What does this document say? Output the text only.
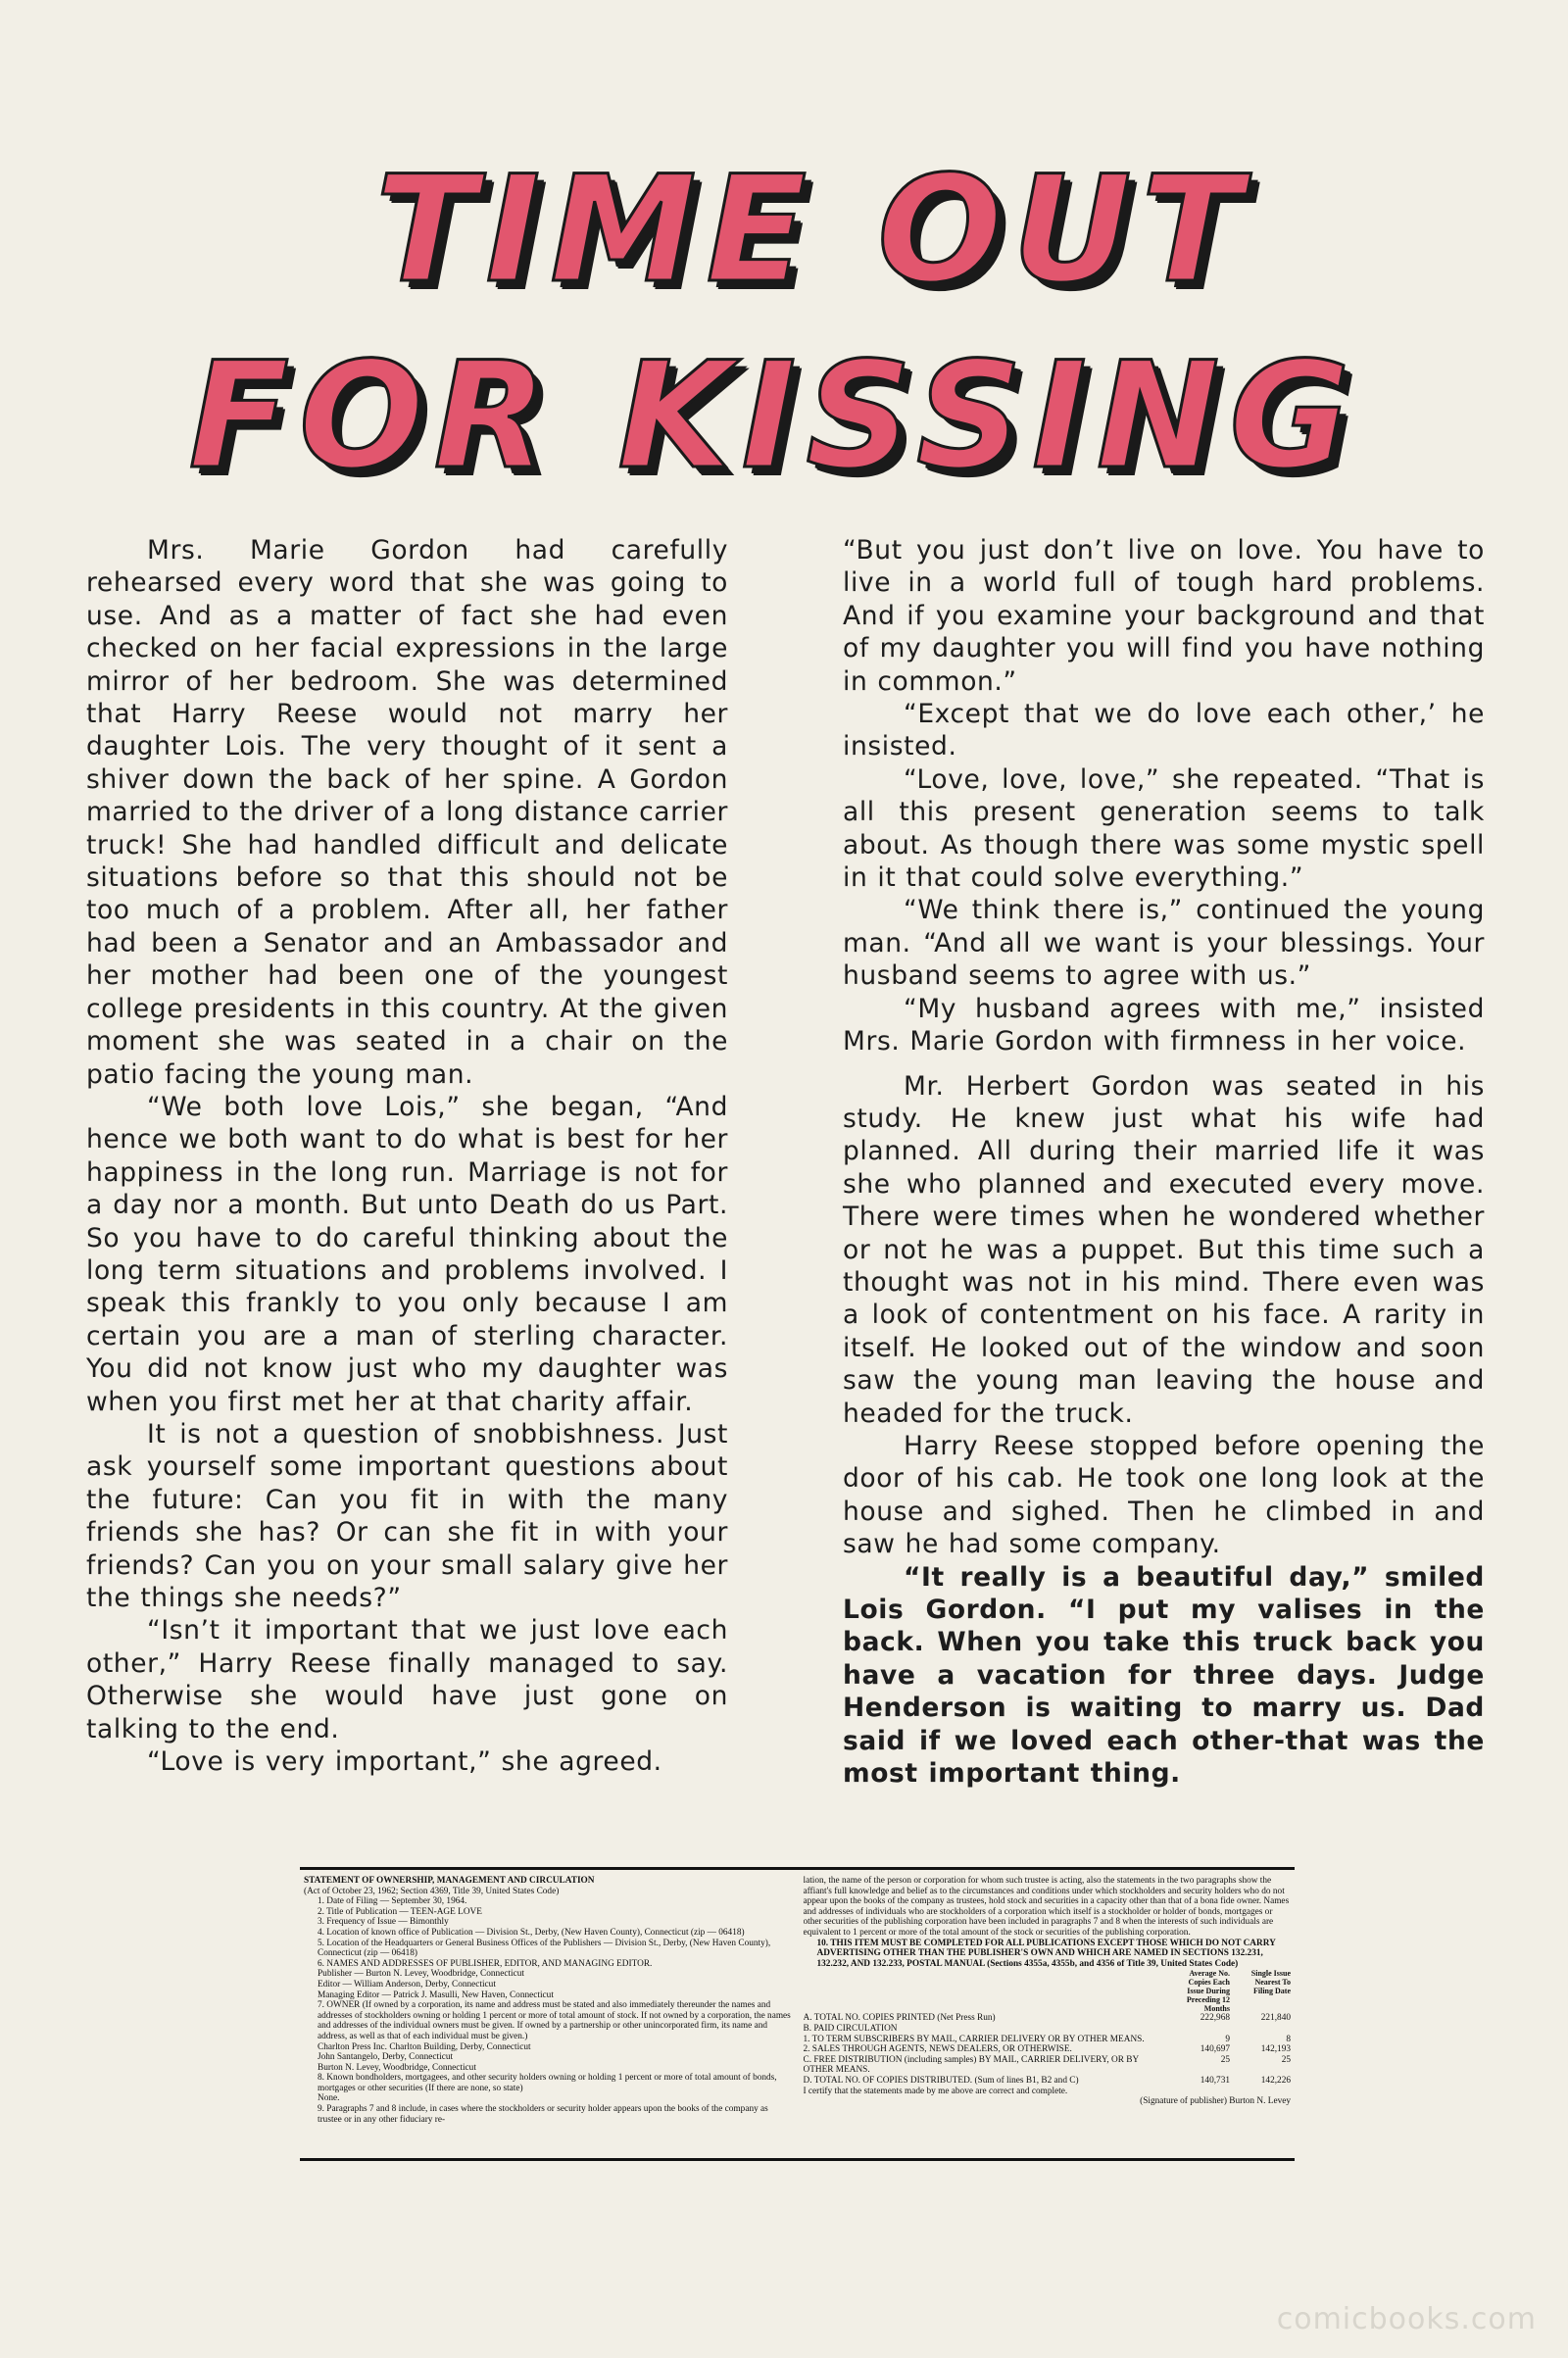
TIME OUT
FOR KISSING

Mrs. Marie Gordon had carefully rehearsed every word that she was going to use. And as a matter of fact she had even checked on her facial expressions in the large mirror of her bedroom. She was determined that Harry Reese would not marry her daughter Lois. The very thought of it sent a shiver down the back of her spine. A Gordon married to the driver of a long distance carrier truck! She had handled difficult and delicate situations before so that this should not be too much of a problem. After all, her father had been a Senator and an Ambassador and her mother had been one of the youngest college presidents in this country. At the given moment she was seated in a chair on the patio facing the young man.

“We both love Lois,” she began, “And hence we both want to do what is best for her happiness in the long run. Marriage is not for a day nor a month. But unto Death do us Part. So you have to do careful thinking about the long term situations and problems involved. I speak this frankly to you only because I am certain you are a man of sterling character. You did not know just who my daughter was when you first met her at that charity affair.

It is not a question of snobbishness. Just ask yourself some important questions about the future: Can you fit in with the many friends she has? Or can she fit in with your friends? Can you on your small salary give her the things she needs?”

“Isn’t it important that we just love each other,” Harry Reese finally managed to say. Otherwise she would have just gone on talking to the end.

“Love is very important,” she agreed.

“But you just don’t live on love. You have to live in a world full of tough hard problems. And if you examine your background and that of my daughter you will find you have nothing in common.”

“Except that we do love each other,’ he insisted.

“Love, love, love,” she repeated. “That is all this present generation seems to talk about. As though there was some mystic spell in it that could solve everything.”

“We think there is,” continued the young man. “And all we want is your blessings. Your husband seems to agree with us.”

“My husband agrees with me,” insisted Mrs. Marie Gordon with firmness in her voice.

Mr. Herbert Gordon was seated in his study. He knew just what his wife had planned. All during their married life it was she who planned and executed every move. There were times when he wondered whether or not he was a puppet. But this time such a thought was not in his mind. There even was a look of contentment on his face. A rarity in itself. He looked out of the window and soon saw the young man leaving the house and headed for the truck.

Harry Reese stopped before opening the door of his cab. He took one long look at the house and sighed. Then he climbed in and saw he had some company.

“It really is a beautiful day,” smiled Lois Gordon. “I put my valises in the back. When you take this truck back you have a vacation for three days. Judge Henderson is waiting to marry us. Dad said if we loved each other-that was the most important thing.

STATEMENT OF OWNERSHIP, MANAGEMENT AND CIRCULATION
(Act of October 23, 1962; Section 4369, Title 39, United States Code)
1. Date of Filing — September 30, 1964.
2. Title of Publication — TEEN-AGE LOVE
3. Frequency of Issue — Bimonthly
4. Location of known office of Publication — Division St., Derby, (New Haven County), Connecticut (zip — 06418)
5. Location of the Headquarters or General Business Offices of the Publishers — Division St., Derby, (New Haven County), Connecticut (zip — 06418)
6. NAMES AND ADDRESSES OF PUBLISHER, EDITOR, AND MANAGING EDITOR.
Publisher — Burton N. Levey, Woodbridge, Connecticut
Editor — William Anderson, Derby, Connecticut
Managing Editor — Patrick J. Masulli, New Haven, Connecticut
7. OWNER (If owned by a corporation, its name and address must be stated and also immediately thereunder the names and addresses of stockholders owning or holding 1 percent or more of total amount of stock. If not owned by a corporation, the names and addresses of the individual owners must be given. If owned by a partnership or other unincorporated firm, its name and address, as well as that of each individual must be given.)
Charlton Press Inc. Charlton Building, Derby, Connecticut
John Santangelo, Derby, Connecticut
Burton N. Levey, Woodbridge, Connecticut
8. Known bondholders, mortgagees, and other security holders owning or holding 1 percent or more of total amount of bonds, mortgages or other securities (If there are none, so state)
None.
9. Paragraphs 7 and 8 include, in cases where the stockholders or security holder appears upon the books of the company as trustee or in any other fiduciary re-
lation, the name of the person or corporation for whom such trustee is acting, also the statements in the two paragraphs show the affiant's full knowledge and belief as to the circumstances and conditions under which stockholders and security holders who do not appear upon the books of the company as trustees, hold stock and securities in a capacity other than that of a bona fide owner. Names and addresses of individuals who are stockholders of a corporation which itself is a stockholder or holder of bonds, mortgages or other securities of the publishing corporation have been included in paragraphs 7 and 8 when the interests of such individuals are equivalent to 1 percent or more of the total amount of the stock or securities of the publishing corporation.
10. THIS ITEM MUST BE COMPLETED FOR ALL PUBLICATIONS EXCEPT THOSE WHICH DO NOT CARRY ADVERTISING OTHER THAN THE PUBLISHER'S OWN AND WHICH ARE NAMED IN SECTIONS 132.231, 132.232, AND 132.233, POSTAL MANUAL (Sections 4355a, 4355b, and 4356 of Title 39, United States Code)
	Average No. Copies Each Issue During Preceding 12 Months	Single Issue Nearest To Filing Date
A. TOTAL NO. COPIES PRINTED (Net Press Run)	222,968	221,840
B. PAID CIRCULATION		
1. TO TERM SUBSCRIBERS BY MAIL, CARRIER DELIVERY OR BY OTHER MEANS.	9	8
2. SALES THROUGH AGENTS, NEWS DEALERS, OR OTHERWISE.	140,697	142,193
C. FREE DISTRIBUTION (including samples) BY MAIL, CARRIER DELIVERY, OR BY OTHER MEANS.	25	25
D. TOTAL NO. OF COPIES DISTRIBUTED. (Sum of lines B1, B2 and C)	140,731	142,226
I certify that the statements made by me above are correct and complete.
(Signature of publisher) Burton N. Levey
comicbooks.com
